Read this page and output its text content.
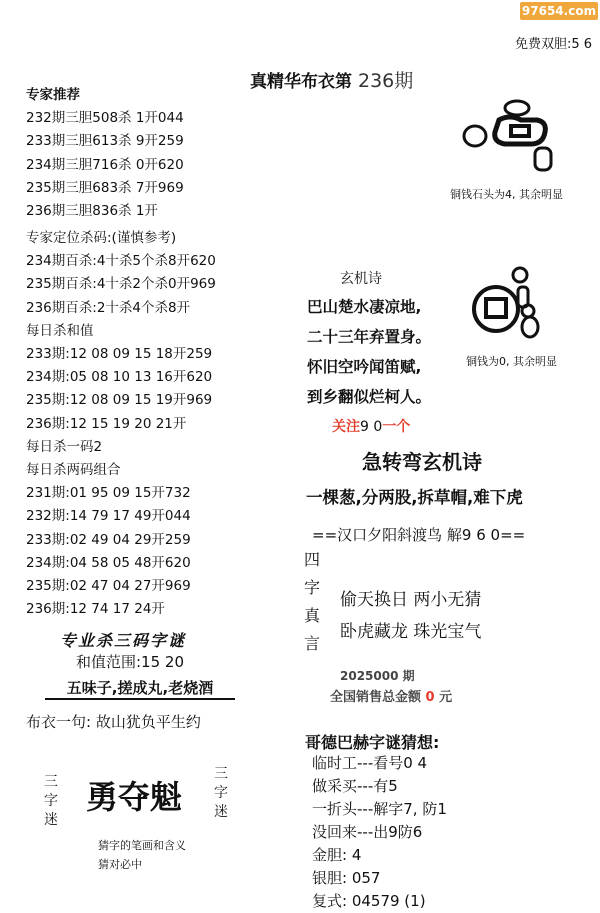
97654.com
免费双胆:5 6
真精华布衣第 236期
专家推荐
232期三胆508杀 1开044
233期三胆613杀 9开259
234期三胆716杀 0开620
235期三胆683杀 7开969
236期三胆836杀 1开
专家定位杀码:(谨慎参考)
234期百杀:4十杀5个杀8开620
235期百杀:4十杀2个杀0开969
236期百杀:2十杀4个杀8开
每日杀和值
233期:12 08 09 15 18开259
234期:05 08 10 13 16开620
235期:12 08 09 15 19开969
236期:12 15 19 20 21开
每日杀一码2
每日杀两码组合
231期:01 95 09 15开732
232期:14 79 17 49开044
233期:02 49 04 29开259
234期:04 58 05 48开620
235期:02 47 04 27开969
236期:12 74 17 24开
专业杀三码字谜
和值范围:15 20
五味子,搓成丸,老烧酒
布衣一句: 故山犹负平生约
三字迷
勇夺魁
三字迷
猜字的笔画和含义
猜对必中
铜钱石头为4, 其余明显
铜钱为0, 其余明显
玄机诗
巴山楚水凄凉地,
二十三年弃置身。
怀旧空吟闻笛赋,
到乡翻似烂柯人。
关注9 0一个
急转弯玄机诗
一棵葱,分两股,拆草帽,难下虎
==汉口夕阳斜渡鸟 解9 6 0==
四字真言
偷天换日 两小无猜
卧虎藏龙 珠光宝气
2025000 期
全国销售总金额 0 元
哥德巴赫字谜猜想:
临时工---看号0 4
做采买---有5
一折头---解字7, 防1
没回来---出9防6
金胆: 4
银胆: 057
复式: 04579 (1)
